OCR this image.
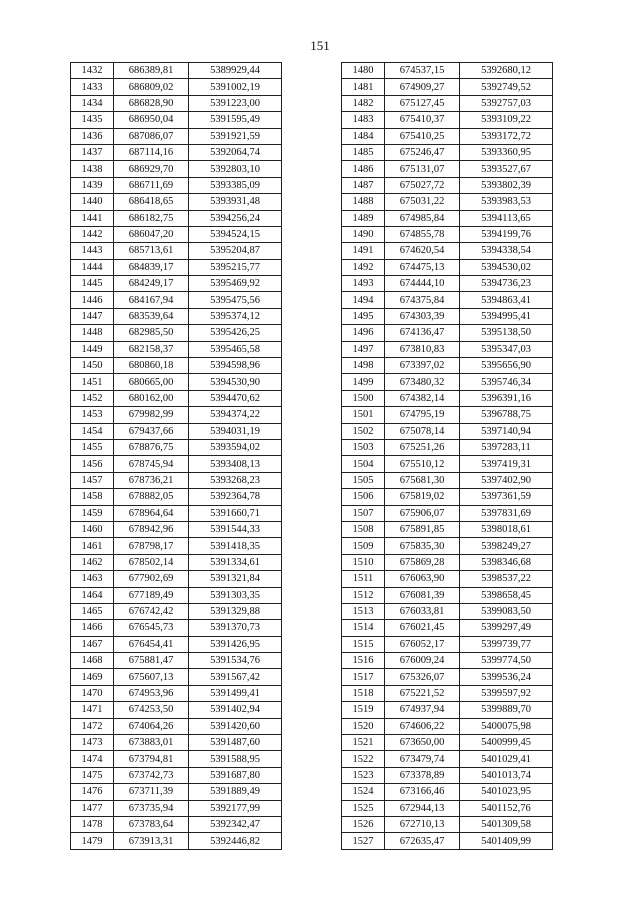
151
1432	686389,81	5389929,44
1433	686809,02	5391002,19
1434	686828,90	5391223,00
1435	686950,04	5391595,49
1436	687086,07	5391921,59
1437	687114,16	5392064,74
1438	686929,70	5392803,10
1439	686711,69	5393385,09
1440	686418,65	5393931,48
1441	686182,75	5394256,24
1442	686047,20	5394524,15
1443	685713,61	5395204,87
1444	684839,17	5395215,77
1445	684249,17	5395469,92
1446	684167,94	5395475,56
1447	683539,64	5395374,12
1448	682985,50	5395426,25
1449	682158,37	5395465,58
1450	680860,18	5394598,96
1451	680665,00	5394530,90
1452	680162,00	5394470,62
1453	679982,99	5394374,22
1454	679437,66	5394031,19
1455	678876,75	5393594,02
1456	678745,94	5393408,13
1457	678736,21	5393268,23
1458	678882,05	5392364,78
1459	678964,64	5391660,71
1460	678942,96	5391544,33
1461	678798,17	5391418,35
1462	678502,14	5391334,61
1463	677902,69	5391321,84
1464	677189,49	5391303,35
1465	676742,42	5391329,88
1466	676545,73	5391370,73
1467	676454,41	5391426,95
1468	675881,47	5391534,76
1469	675607,13	5391567,42
1470	674953,96	5391499,41
1471	674253,50	5391402,94
1472	674064,26	5391420,60
1473	673883,01	5391487,60
1474	673794,81	5391588,95
1475	673742,73	5391687,80
1476	673711,39	5391889,49
1477	673735,94	5392177,99
1478	673783,64	5392342,47
1479	673913,31	5392446,82
1480	674537,15	5392680,12
1481	674909,27	5392749,52
1482	675127,45	5392757,03
1483	675410,37	5393109,22
1484	675410,25	5393172,72
1485	675246,47	5393360,95
1486	675131,07	5393527,67
1487	675027,72	5393802,39
1488	675031,22	5393983,53
1489	674985,84	5394113,65
1490	674855,78	5394199,76
1491	674620,54	5394338,54
1492	674475,13	5394530,02
1493	674444,10	5394736,23
1494	674375,84	5394863,41
1495	674303,39	5394995,41
1496	674136,47	5395138,50
1497	673810,83	5395347,03
1498	673397,02	5395656,90
1499	673480,32	5395746,34
1500	674382,14	5396391,16
1501	674795,19	5396788,75
1502	675078,14	5397140,94
1503	675251,26	5397283,11
1504	675510,12	5397419,31
1505	675681,30	5397402,90
1506	675819,02	5397361,59
1507	675906,07	5397831,69
1508	675891,85	5398018,61
1509	675835,30	5398249,27
1510	675869,28	5398346,68
1511	676063,90	5398537,22
1512	676081,39	5398658,45
1513	676033,81	5399083,50
1514	676021,45	5399297,49
1515	676052,17	5399739,77
1516	676009,24	5399774,50
1517	675326,07	5399536,24
1518	675221,52	5399597,92
1519	674937,94	5399889,70
1520	674606,22	5400075,98
1521	673650,00	5400999,45
1522	673479,74	5401029,41
1523	673378,89	5401013,74
1524	673166,46	5401023,95
1525	672944,13	5401152,76
1526	672710,13	5401309,58
1527	672635,47	5401409,99
